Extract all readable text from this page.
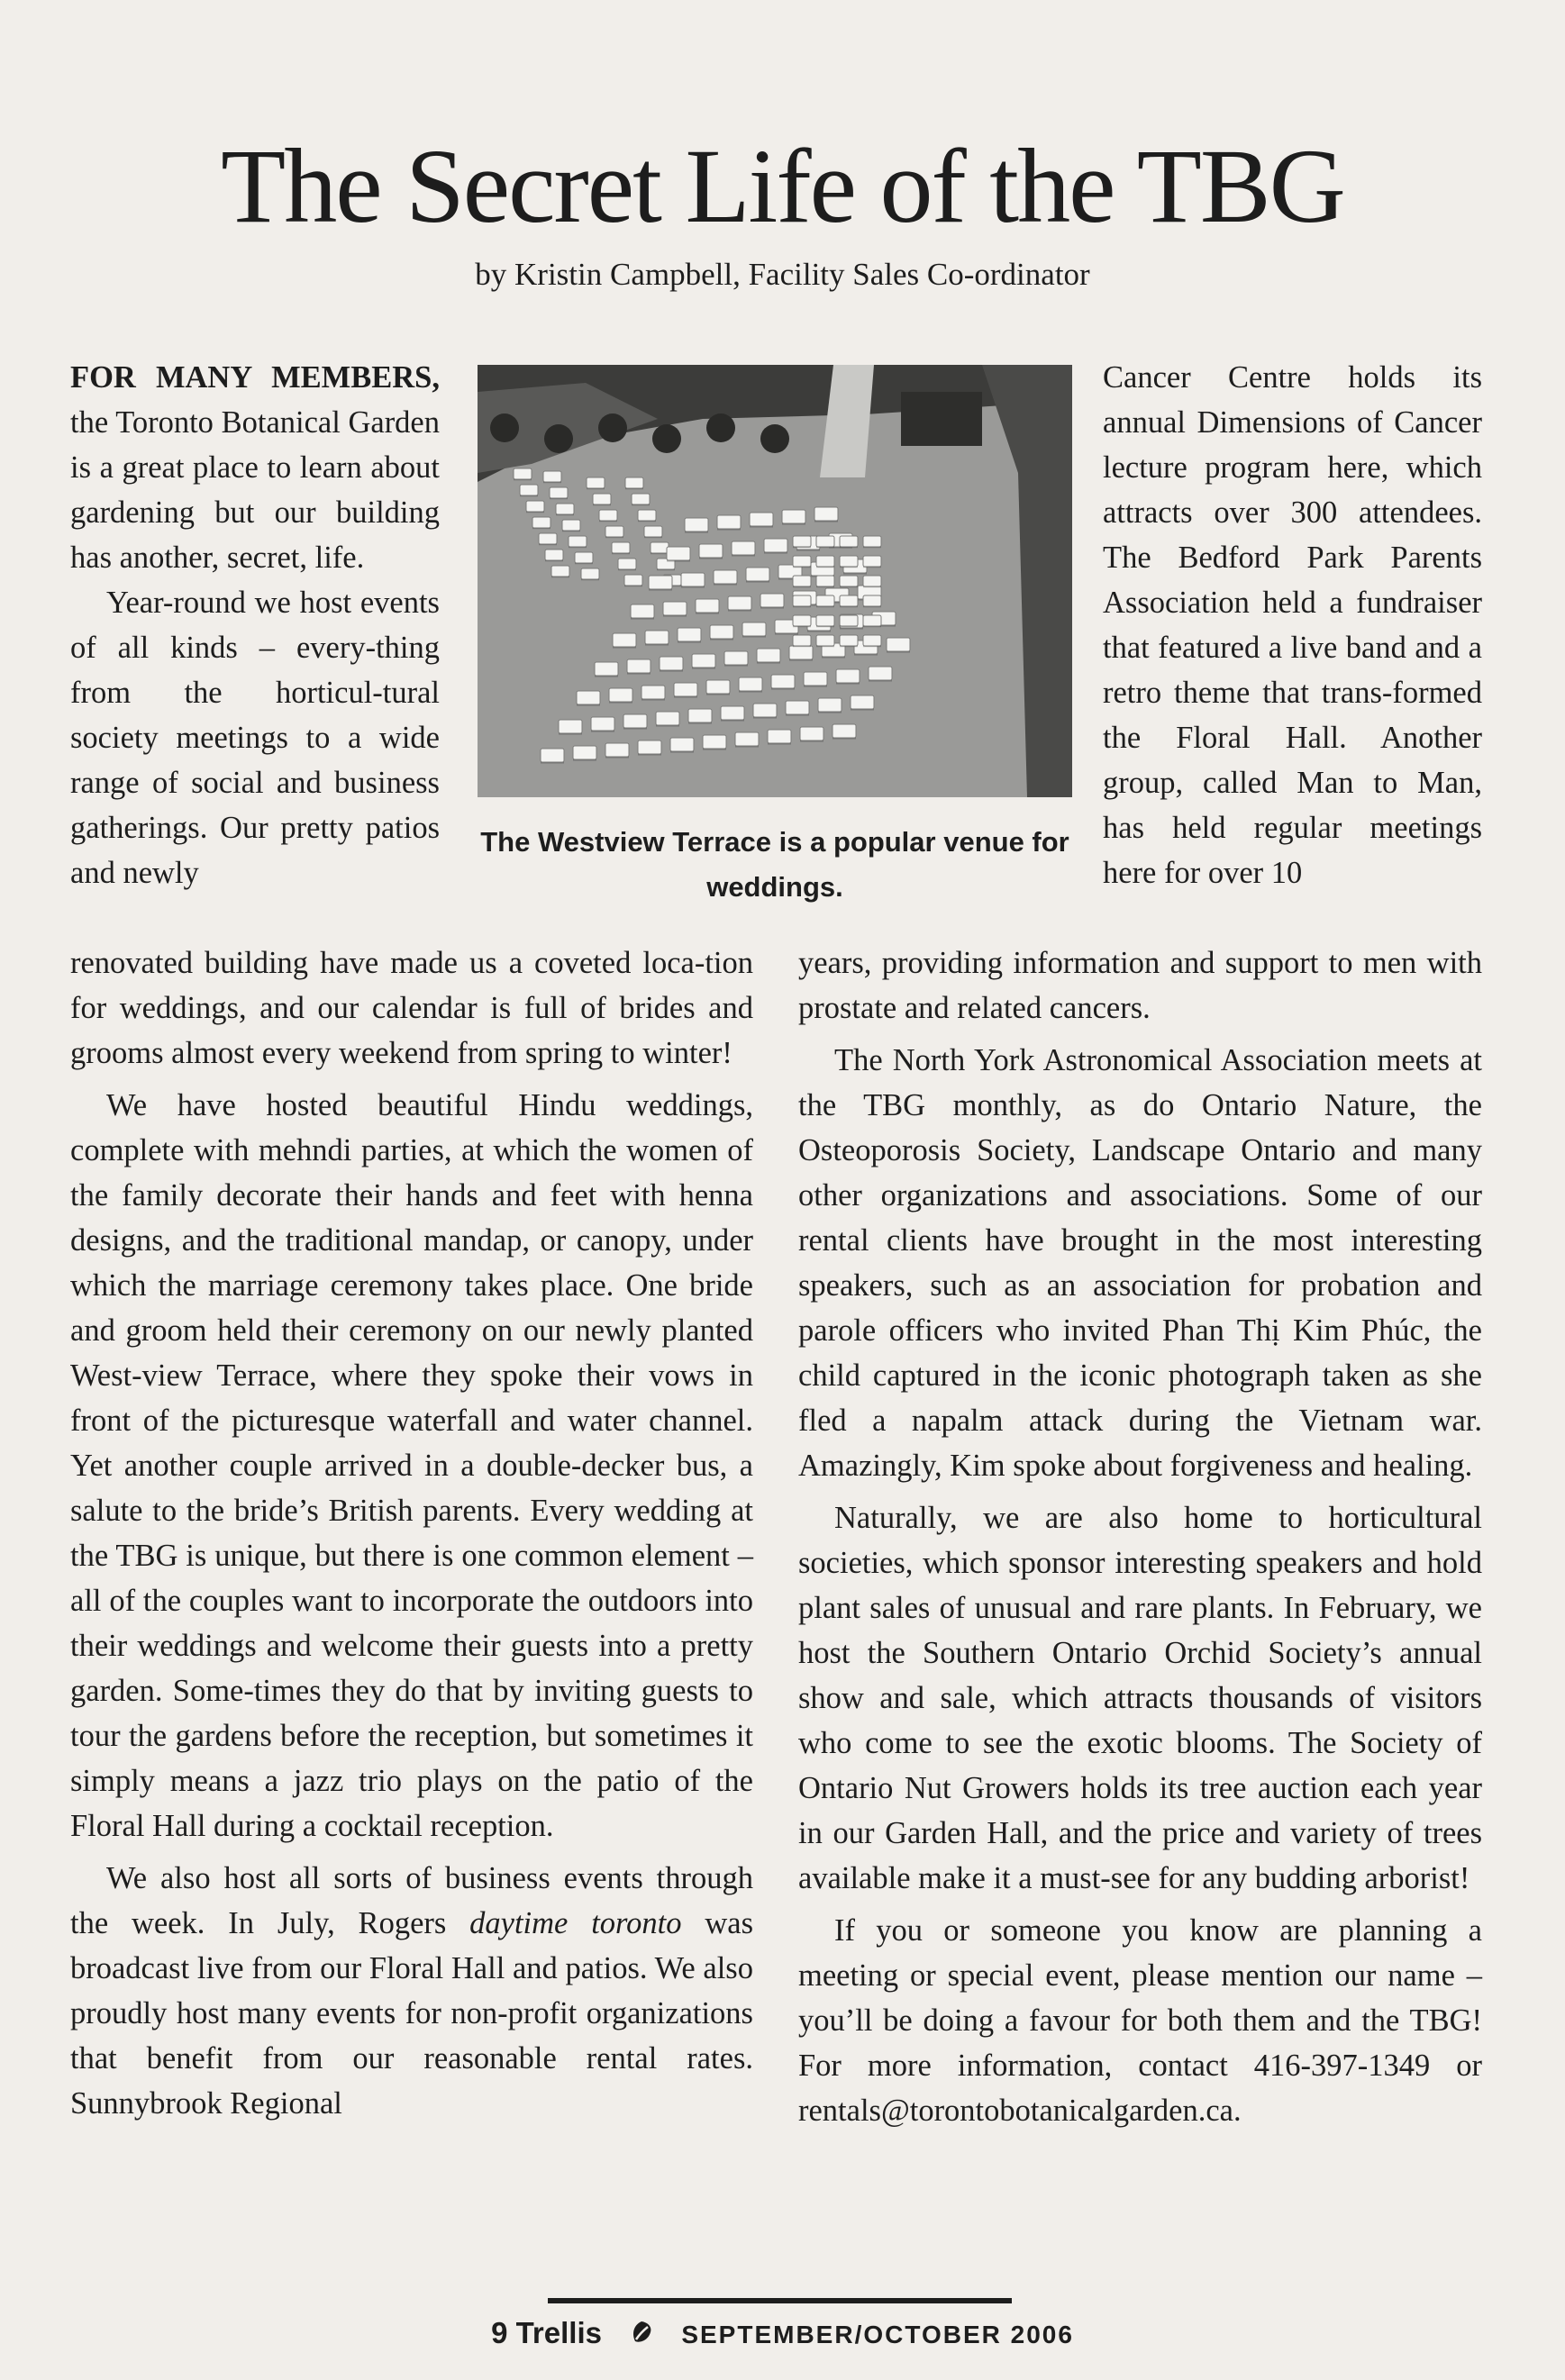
The Secret Life of the TBG

by Kristin Campbell, Facility Sales Co-ordinator

FOR MANY MEMBERS, the Toronto Botanical Garden is a great place to learn about gardening but our building has another, secret, life.

Year-round we host events of all kinds – every-thing from the horticul-tural society meetings to a wide range of social and business gatherings. Our pretty patios and newly

The Westview Terrace is a popular venue for weddings.

renovated building have made us a coveted loca-tion for weddings, and our calendar is full of brides and grooms almost every weekend from spring to winter!

We have hosted beautiful Hindu weddings, complete with mehndi parties, at which the women of the family decorate their hands and feet with henna designs, and the traditional mandap, or canopy, under which the marriage ceremony takes place. One bride and groom held their ceremony on our newly planted West-view Terrace, where they spoke their vows in front of the picturesque waterfall and water channel. Yet another couple arrived in a double-decker bus, a salute to the bride’s British parents. Every wedding at the TBG is unique, but there is one common element – all of the couples want to incorporate the outdoors into their weddings and welcome their guests into a pretty garden. Some-times they do that by inviting guests to tour the gardens before the reception, but sometimes it simply means a jazz trio plays on the patio of the Floral Hall during a cocktail reception.

We also host all sorts of business events through the week. In July, Rogers daytime toronto was broadcast live from our Floral Hall and patios. We also proudly host many events for non-profit organizations that benefit from our reasonable rental rates. Sunnybrook Regional

Cancer Centre holds its annual Dimensions of Cancer lecture program here, which attracts over 300 attendees. The Bedford Park Parents Association held a fundraiser that featured a live band and a retro theme that trans-formed the Floral Hall. Another group, called Man to Man, has held regular meetings here for over 10

years, providing information and support to men with prostate and related cancers.

The North York Astronomical Association meets at the TBG monthly, as do Ontario Nature, the Osteoporosis Society, Landscape Ontario and many other organizations and associations. Some of our rental clients have brought in the most interesting speakers, such as an association for probation and parole officers who invited Phan Thị Kim Phúc, the child captured in the iconic photograph taken as she fled a napalm attack during the Vietnam war. Amazingly, Kim spoke about forgiveness and healing.

Naturally, we are also home to horticultural societies, which sponsor interesting speakers and hold plant sales of unusual and rare plants. In February, we host the Southern Ontario Orchid Society’s annual show and sale, which attracts thousands of visitors who come to see the exotic blooms. The Society of Ontario Nut Growers holds its tree auction each year in our Garden Hall, and the price and variety of trees available make it a must-see for any budding arborist!

If you or someone you know are planning a meeting or special event, please mention our name – you’ll be doing a favour for both them and the TBG! For more information, contact 416-397-1349 or rentals@torontobotanicalgarden.ca.

9 Trellis	SEPTEMBER/OCTOBER 2006
